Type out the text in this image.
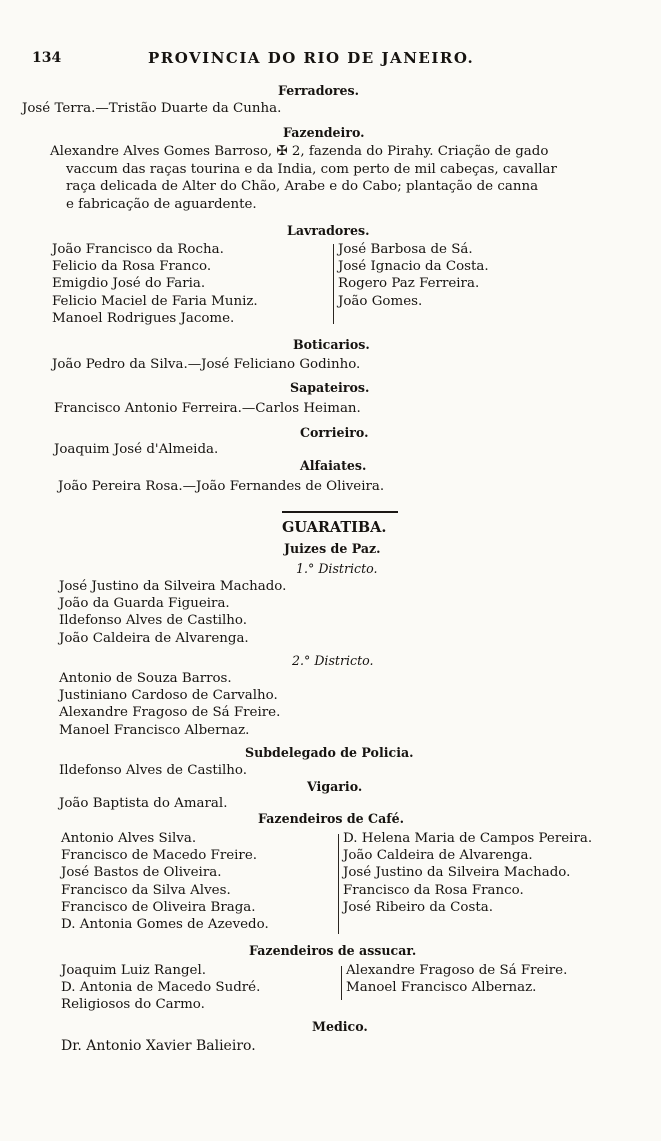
134	PROVINCIA DO RIO DE JANEIRO.
Ferradores.
José Terra.—Tristão Duarte da Cunha.
Fazendeiro.
Alexandre Alves Gomes Barroso, ✠ 2, fazenda do Pirahy. Criação de gado
vaccum das raças tourina e da India, com perto de mil cabeças, cavallar
raça delicada de Alter do Chão, Arabe e do Cabo; plantação de canna
e fabricação de aguardente.
Lavradores.
João Francisco da Rocha.
Felicio da Rosa Franco.
Emigdio José do Faria.
Felicio Maciel de Faria Muniz.
Manoel Rodrigues Jacome.
José Barbosa de Sá.
José Ignacio da Costa.
Rogero Paz Ferreira.
João Gomes.
Boticarios.
João Pedro da Silva.—José Feliciano Godinho.
Sapateiros.
Francisco Antonio Ferreira.—Carlos Heiman.
Corrieiro.
Joaquim José d'Almeida.
Alfaiates.
João Pereira Rosa.—João Fernandes de Oliveira.
GUARATIBA.
Juizes de Paz.
1.° Districto.
José Justino da Silveira Machado.
João da Guarda Figueira.
Ildefonso Alves de Castilho.
João Caldeira de Alvarenga.
2.° Districto.
Antonio de Souza Barros.
Justiniano Cardoso de Carvalho.
Alexandre Fragoso de Sá Freire.
Manoel Francisco Albernaz.
Subdelegado de Policia.
Ildefonso Alves de Castilho.
Vigario.
João Baptista do Amaral.
Fazendeiros de Café.
Antonio Alves Silva.
Francisco de Macedo Freire.
José Bastos de Oliveira.
Francisco da Silva Alves.
Francisco de Oliveira Braga.
D. Antonia Gomes de Azevedo.
D. Helena Maria de Campos Pereira.
João Caldeira de Alvarenga.
José Justino da Silveira Machado.
Francisco da Rosa Franco.
José Ribeiro da Costa.
Fazendeiros de assucar.
Joaquim Luiz Rangel.
D. Antonia de Macedo Sudré.
Religiosos do Carmo.
Alexandre Fragoso de Sá Freire.
Manoel Francisco Albernaz.
Medico.
Dr. Antonio Xavier Balieiro.
